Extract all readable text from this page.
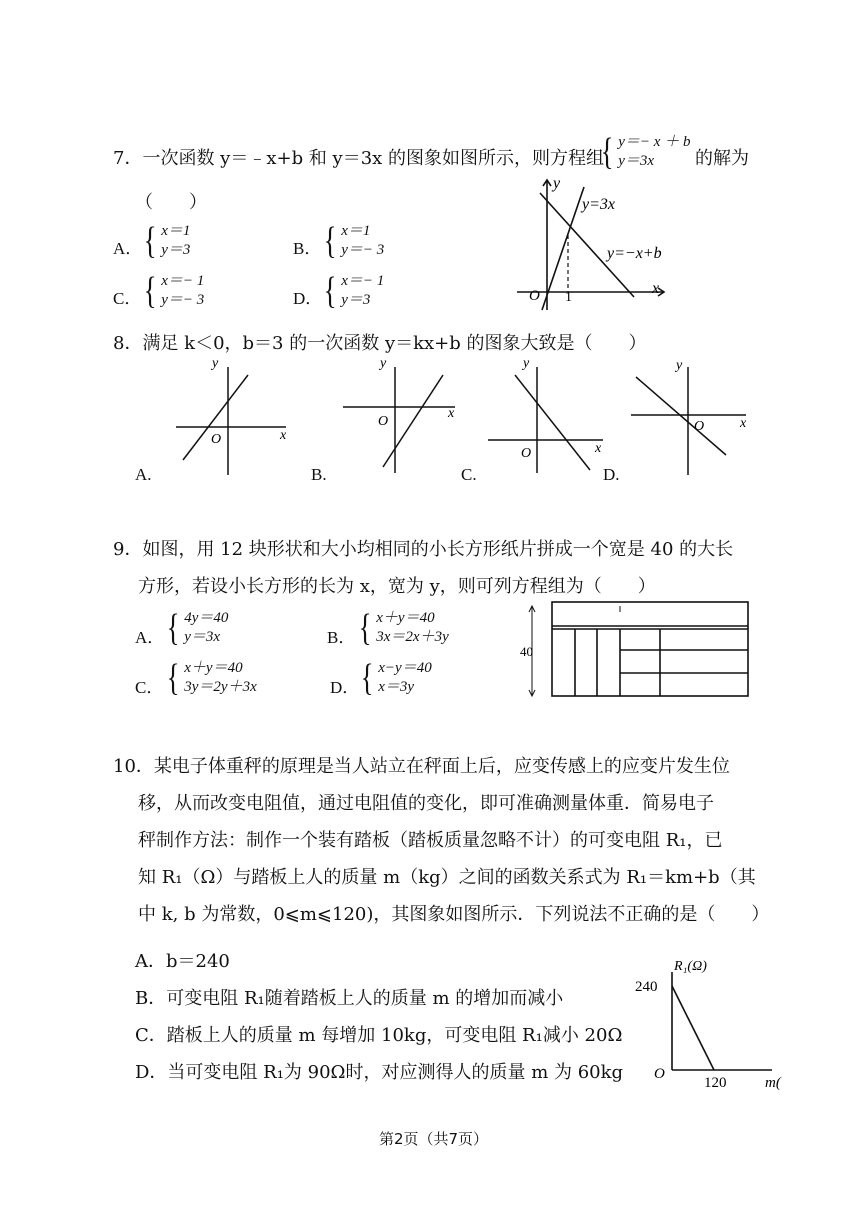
7．一次函数 y＝﹣x+b 和 y＝3x 的图象如图所示，则方程组
{ y＝− x ＋ b
y＝3x	的解为
（　　）
A． { x＝1
y＝3	B． { x＝1
y＝− 3
C． { x＝− 1
y＝− 3	D． { x＝− 1
y＝3
y
x
O 1
y=3x
y=−x+b
8．满足 k＜0，b＝3 的一次函数 y＝kx+b 的图象大致是（　　）
y
x
O
A.
y
x
O
B.
y
x
O
C.
y
x
O
D.
9．如图，用 12 块形状和大小均相同的小长方形纸片拼成一个宽是 40 的大长
方形，若设小长方形的长为 x，宽为 y，则可列方程组为（　　）
A． { 4y＝40
y＝3x	B． { x＋y＝40
3x＝2x＋3y
C． { x＋y＝40
3y＝2y＋3x	D． { x−y＝40
x＝3y
40
10．某电子体重秤的原理是当人站立在秤面上后，应变传感上的应变片发生位
移，从而改变电阻值，通过电阻值的变化，即可准确测量体重．简易电子
秤制作方法：制作一个装有踏板（踏板质量忽略不计）的可变电阻 R₁，已
知 R₁（Ω）与踏板上人的质量 m（kg）之间的函数关系式为 R₁＝km+b（其
中 k, b 为常数，0⩽m⩽120)，其图象如图所示．下列说法不正确的是（　　）
A．b＝240
B．可变电阻 R₁随着踏板上人的质量 m 的增加而减小
C．踏板上人的质量 m 每增加 10kg，可变电阻 R₁减小 20Ω
D．当可变电阻 R₁为 90Ω时，对应测得人的质量 m 为 60kg
R₁(Ω)
240
O
120	m(
第2页（共7页）
